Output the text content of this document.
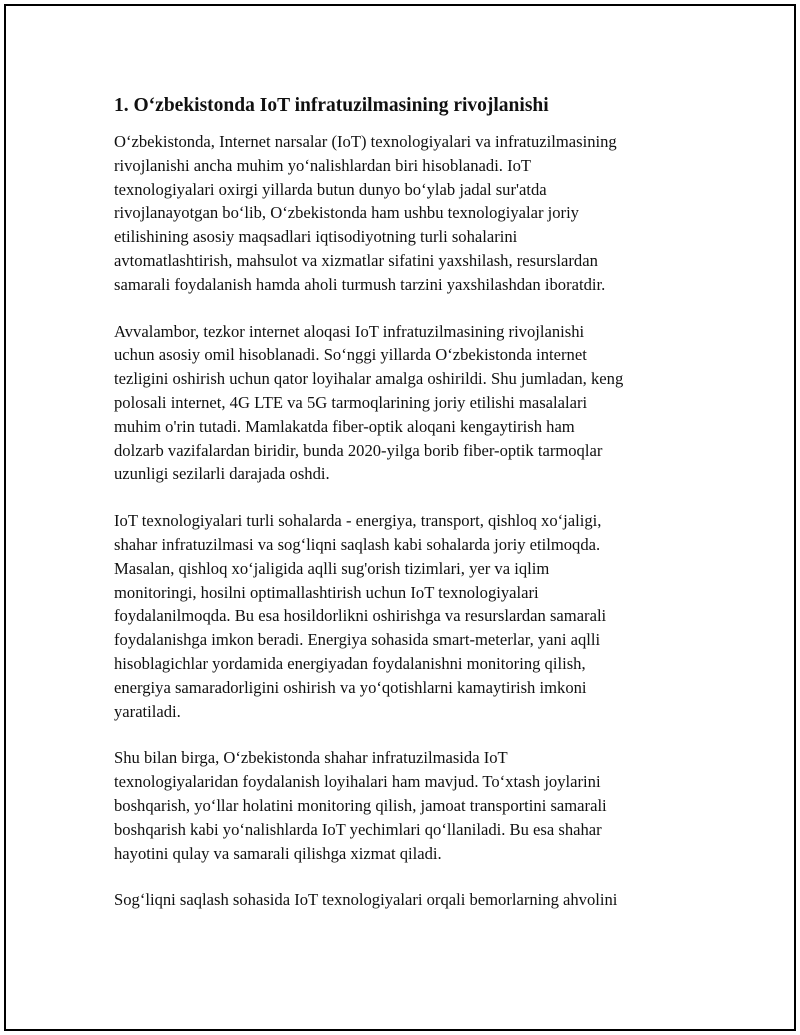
1. O‘zbekistonda IoT infratuzilmasining rivojlanishi
O‘zbekistonda, Internet narsalar (IoT) texnologiyalari va infratuzilmasining
rivojlanishi ancha muhim yo‘nalishlardan biri hisoblanadi. IoT
texnologiyalari oxirgi yillarda butun dunyo bo‘ylab jadal sur'atda
rivojlanayotgan bo‘lib, O‘zbekistonda ham ushbu texnologiyalar joriy
etilishining asosiy maqsadlari iqtisodiyotning turli sohalarini
avtomatlashtirish, mahsulot va xizmatlar sifatini yaxshilash, resurslardan
samarali foydalanish hamda aholi turmush tarzini yaxshilashdan iboratdir.
Avvalambor, tezkor internet aloqasi IoT infratuzilmasining rivojlanishi
uchun asosiy omil hisoblanadi. So‘nggi yillarda O‘zbekistonda internet
tezligini oshirish uchun qator loyihalar amalga oshirildi. Shu jumladan, keng
polosali internet, 4G LTE va 5G tarmoqlarining joriy etilishi masalalari
muhim o'rin tutadi. Mamlakatda fiber-optik aloqani kengaytirish ham
dolzarb vazifalardan biridir, bunda 2020-yilga borib fiber-optik tarmoqlar
uzunligi sezilarli darajada oshdi.
IoT texnologiyalari turli sohalarda - energiya, transport, qishloq xo‘jaligi,
shahar infratuzilmasi va sog‘liqni saqlash kabi sohalarda joriy etilmoqda.
Masalan, qishloq xo‘jaligida aqlli sug'orish tizimlari, yer va iqlim
monitoringi, hosilni optimallashtirish uchun IoT texnologiyalari
foydalanilmoqda. Bu esa hosildorlikni oshirishga va resurslardan samarali
foydalanishga imkon beradi. Energiya sohasida smart-meterlar, yani aqlli
hisoblagichlar yordamida energiyadan foydalanishni monitoring qilish,
energiya samaradorligini oshirish va yo‘qotishlarni kamaytirish imkoni
yaratiladi.
Shu bilan birga, O‘zbekistonda shahar infratuzilmasida IoT
texnologiyalaridan foydalanish loyihalari ham mavjud. To‘xtash joylarini
boshqarish, yo‘llar holatini monitoring qilish, jamoat transportini samarali
boshqarish kabi yo‘nalishlarda IoT yechimlari qo‘llaniladi. Bu esa shahar
hayotini qulay va samarali qilishga xizmat qiladi.
Sog‘liqni saqlash sohasida IoT texnologiyalari orqali bemorlarning ahvolini
